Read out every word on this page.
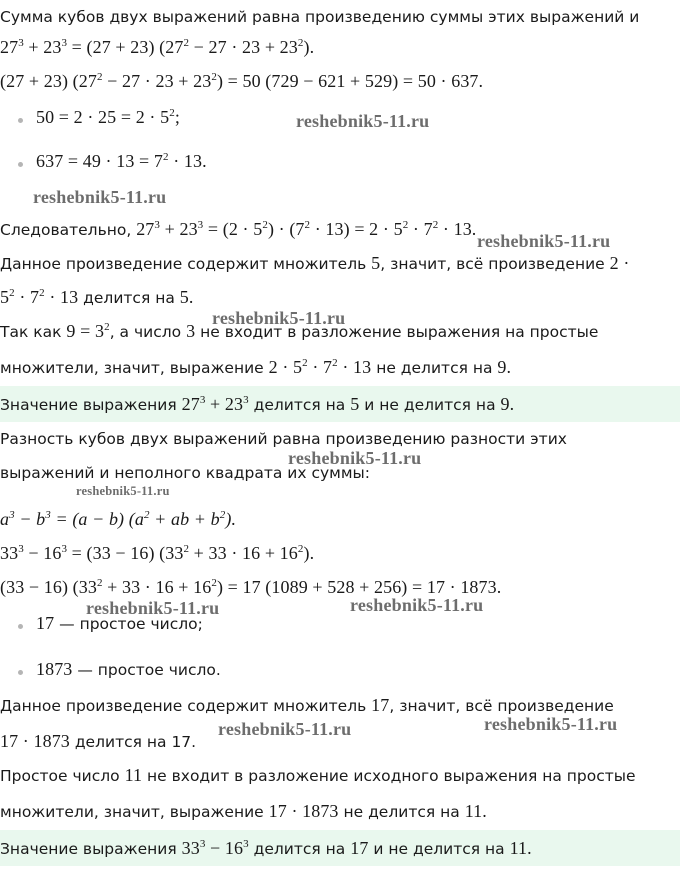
Сумма кубов двух выражений равна произведению суммы этих выражений и
$27^3 + 23^3 = (27 + 23) (27^2 - 27 \cdot 23 + 23^2)$.
(27 + 23) $(27^2 - 27 \cdot 23 + 23^2) = 50$ (729 − 621 + 529) = 50 · 637.
$50 = 2 \cdot 25 = 2 \cdot 5^2$;
$637 = 49 \cdot 13 = 7^2 \cdot 13$.
Следовательно, $27^3 + 23^3 = (2 \cdot 5^2) \cdot (7^2 \cdot 13) = 2 \cdot 5^2 \cdot 7^2 \cdot 13$.
Данное произведение содержит множитель 5, значит, всё произведение 2 ·
$5^2 \cdot 7^2 \cdot 13$ делится на 5.
Так как $9 = 3^2$, а число 3 не входит в разложение выражения на простые
множители, значит, выражение $2 \cdot 5^2 \cdot 7^2 \cdot 13$ не делится на 9.
Значение выражения $27^3 + 23^3$ делится на 5 и не делится на 9.
Разность кубов двух выражений равна произведению разности этих
выражений и неполного квадрата их суммы:
$a^3 - b^3 = (a - b) (a^2$ + ab + $b^2$).
$33^3 - 16^3 = (33 - 16) (33^2 + 33 \cdot 16 + 16^2)$.
(33 − 16) $(33^2 + 33 \cdot 16 + 16^2) = 17$ (1089 + 528 + 256) = 17 · 1873.
17 — простое число;
1873 — простое число.
Данное произведение содержит множитель 17, значит, всё произведение
17 · 1873 делится на 17.
Простое число 11 не входит в разложение исходного выражения на простые
множители, значит, выражение 17 · 1873 не делится на 11.
Значение выражения $33^3 - 16^3$ делится на 17 и не делится на 11.
reshebnik5-11.ru
reshebnik5-11.ru
reshebnik5-11.ru
reshebnik5-11.ru
reshebnik5-11.ru
reshebnik5-11.ru
reshebnik5-11.ru	reshebnik5-11.ru
reshebnik5-11.ru	reshebnik5-11.ru
